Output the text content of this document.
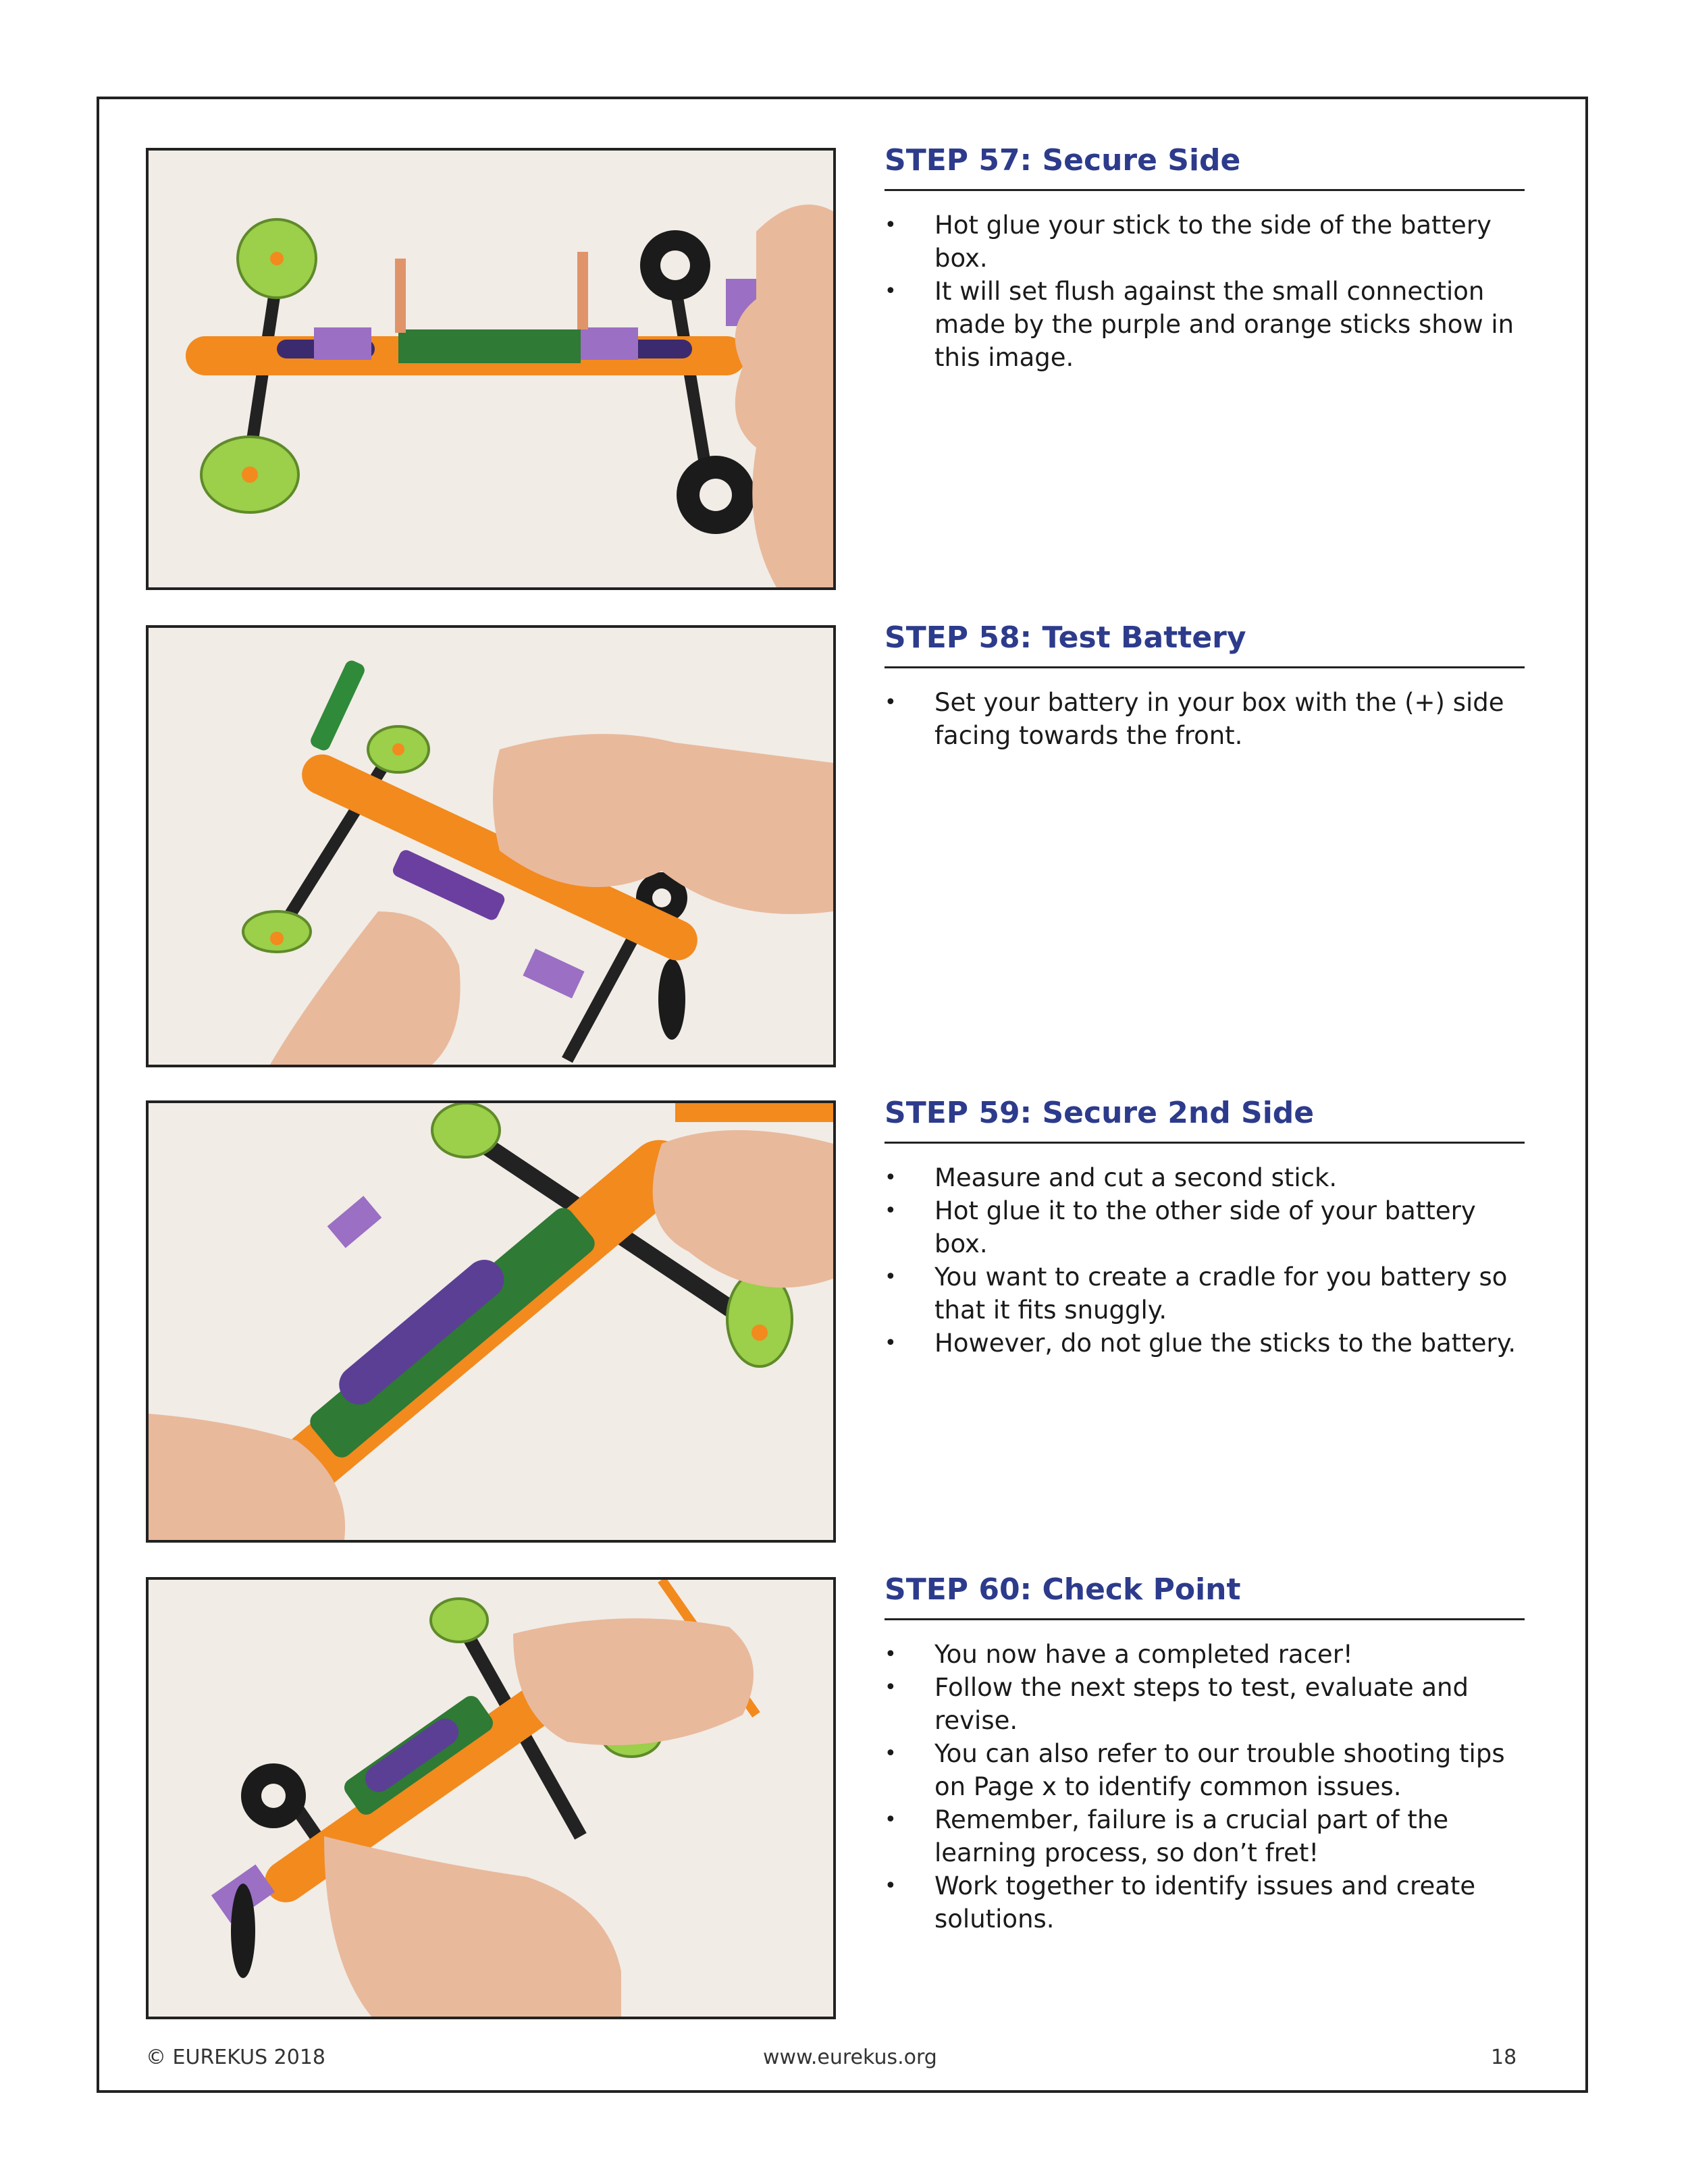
STEP 57: Secure Side
• Hot glue your stick to the side of the battery box.
• It will set flush against the small connection made by the purple and orange sticks show in this image.
STEP 58: Test Battery
• Set your battery in your box with the (+) side facing towards the front.
STEP 59: Secure 2nd Side
• Measure and cut a second stick.
• Hot glue it to the other side of your battery box.
• You want to create a cradle for you battery so that it fits snuggly.
• However, do not glue the sticks to the battery.
STEP 60: Check Point
• You now have a completed racer!
• Follow the next steps to test, evaluate and revise.
• You can also refer to our trouble shooting tips on Page x to identify common issues.
• Remember, failure is a crucial part of the learning process, so don’t fret!
• Work together to identify issues and create solutions.
© EUREKUS 2018	www.eurekus.org	18
